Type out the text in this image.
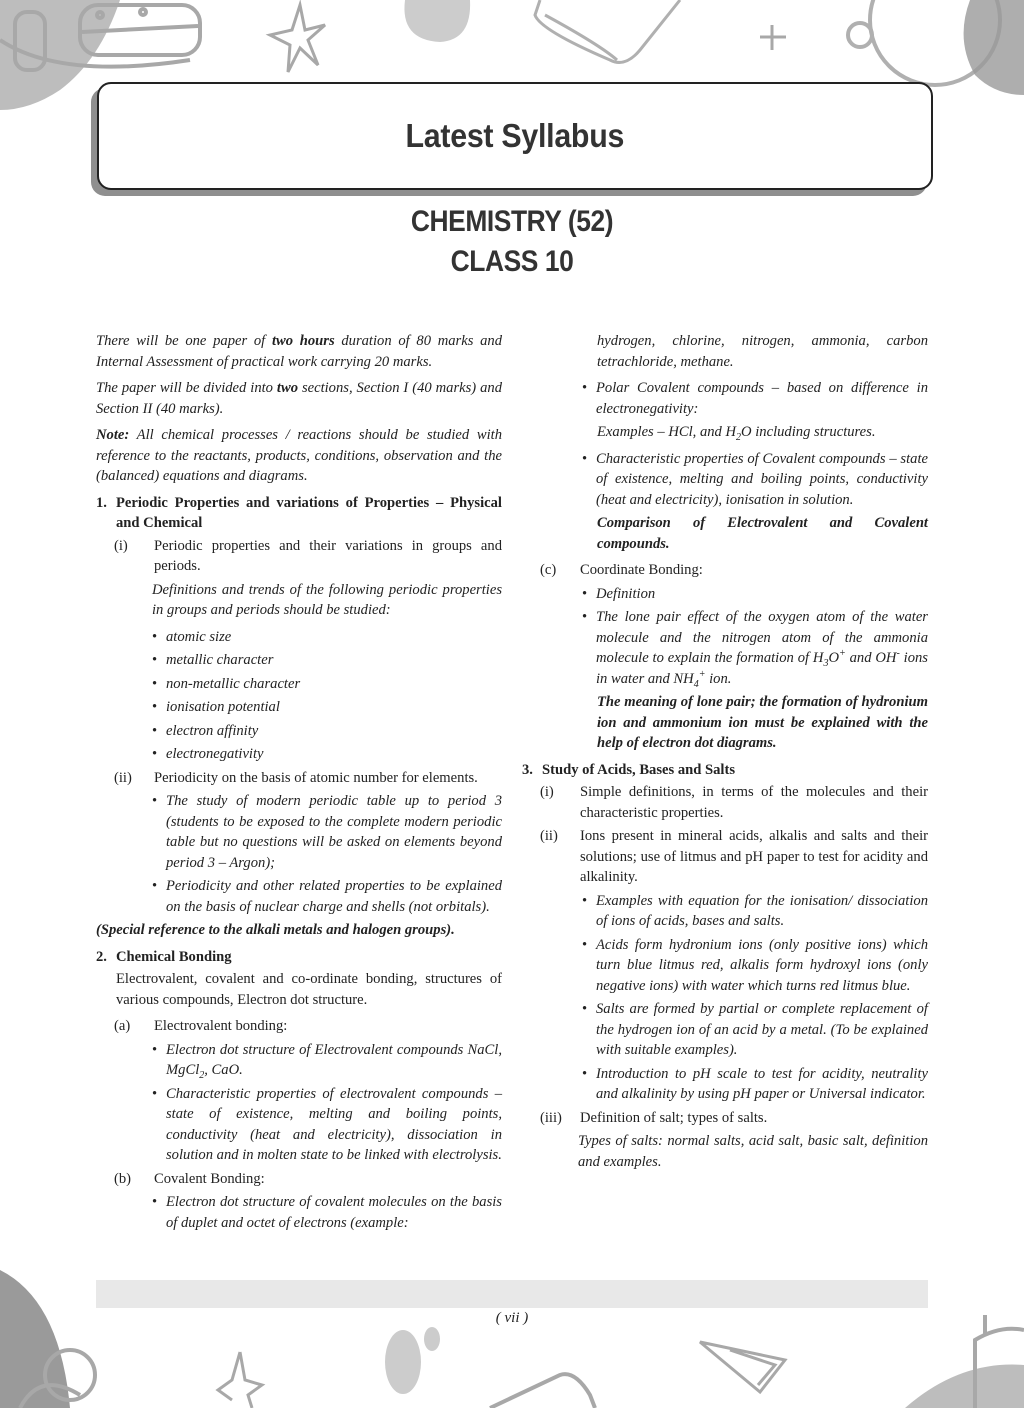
Latest Syllabus
CHEMISTRY (52)
CLASS 10

There will be one paper of two hours duration of 80 marks and Internal Assessment of practical work carrying 20 marks.

The paper will be divided into two sections, Section I (40 marks) and Section II (40 marks).

Note: All chemical processes / reactions should be studied with reference to the reactants, products, conditions, observation and the (balanced) equations and diagrams.

1. Periodic Properties and variations of Properties – Physical and Chemical
(i)	Periodic properties and their variations in groups and periods.

Definitions and trends of the following periodic properties in groups and periods should be studied:

• atomic size
• metallic character
• non-metallic character
• ionisation potential
• electron affinity
• electronegativity
(ii)	Periodicity on the basis of atomic number for elements.
• The study of modern periodic table up to period 3 (students to be exposed to the complete modern periodic table but no questions will be asked on elements beyond period 3 – Argon);
• Periodicity and other related properties to be explained on the basis of nuclear charge and shells (not orbitals).

(Special reference to the alkali metals and halogen groups).

2. Chemical Bonding

Electrovalent, covalent and co-ordinate bonding, structures of various compounds, Electron dot structure.

(a)	Electrovalent bonding:
• Electron dot structure of Electrovalent compounds NaCl, MgCl$_2$, CaO.
• Characteristic properties of electrovalent compounds – state of existence, melting and boiling points, conductivity (heat and electricity), dissociation in solution and in molten state to be linked with electrolysis.
(b)	Covalent Bonding:
• Electron dot structure of covalent molecules on the basis of duplet and octet of electrons (example:

hydrogen, chlorine, nitrogen, ammonia, carbon tetrachloride, methane.

• Polar Covalent compounds – based on difference in electronegativity:

Examples – HCl, and $H_2O$ including structures.

• Characteristic properties of Covalent compounds – state of existence, melting and boiling points, conductivity (heat and electricity), ionisation in solution.

Comparison of Electrovalent and Covalent compounds.

(c)	Coordinate Bonding:
• Definition
• The lone pair effect of the oxygen atom of the water molecule and the nitrogen atom of the ammonia molecule to explain the formation of $H_3O^+$ and OH- ions in water and $NH_4^+$ ion.

The meaning of lone pair; the formation of hydronium ion and ammonium ion must be explained with the help of electron dot diagrams.

3. Study of Acids, Bases and Salts
(i)	Simple definitions, in terms of the molecules and their characteristic properties.
(ii)	Ions present in mineral acids, alkalis and salts and their solutions; use of litmus and pH paper to test for acidity and alkalinity.
• Examples with equation for the ionisation/ dissociation of ions of acids, bases and salts.
• Acids form hydronium ions (only positive ions) which turn blue litmus red, alkalis form hydroxyl ions (only negative ions) with water which turns red litmus blue.
• Salts are formed by partial or complete replacement of the hydrogen ion of an acid by a metal. (To be explained with suitable examples).
• Introduction to pH scale to test for acidity, neutrality and alkalinity by using pH paper or Universal indicator.
(iii)	Definition of salt; types of salts.

Types of salts: normal salts, acid salt, basic salt, definition and examples.

( vii )
